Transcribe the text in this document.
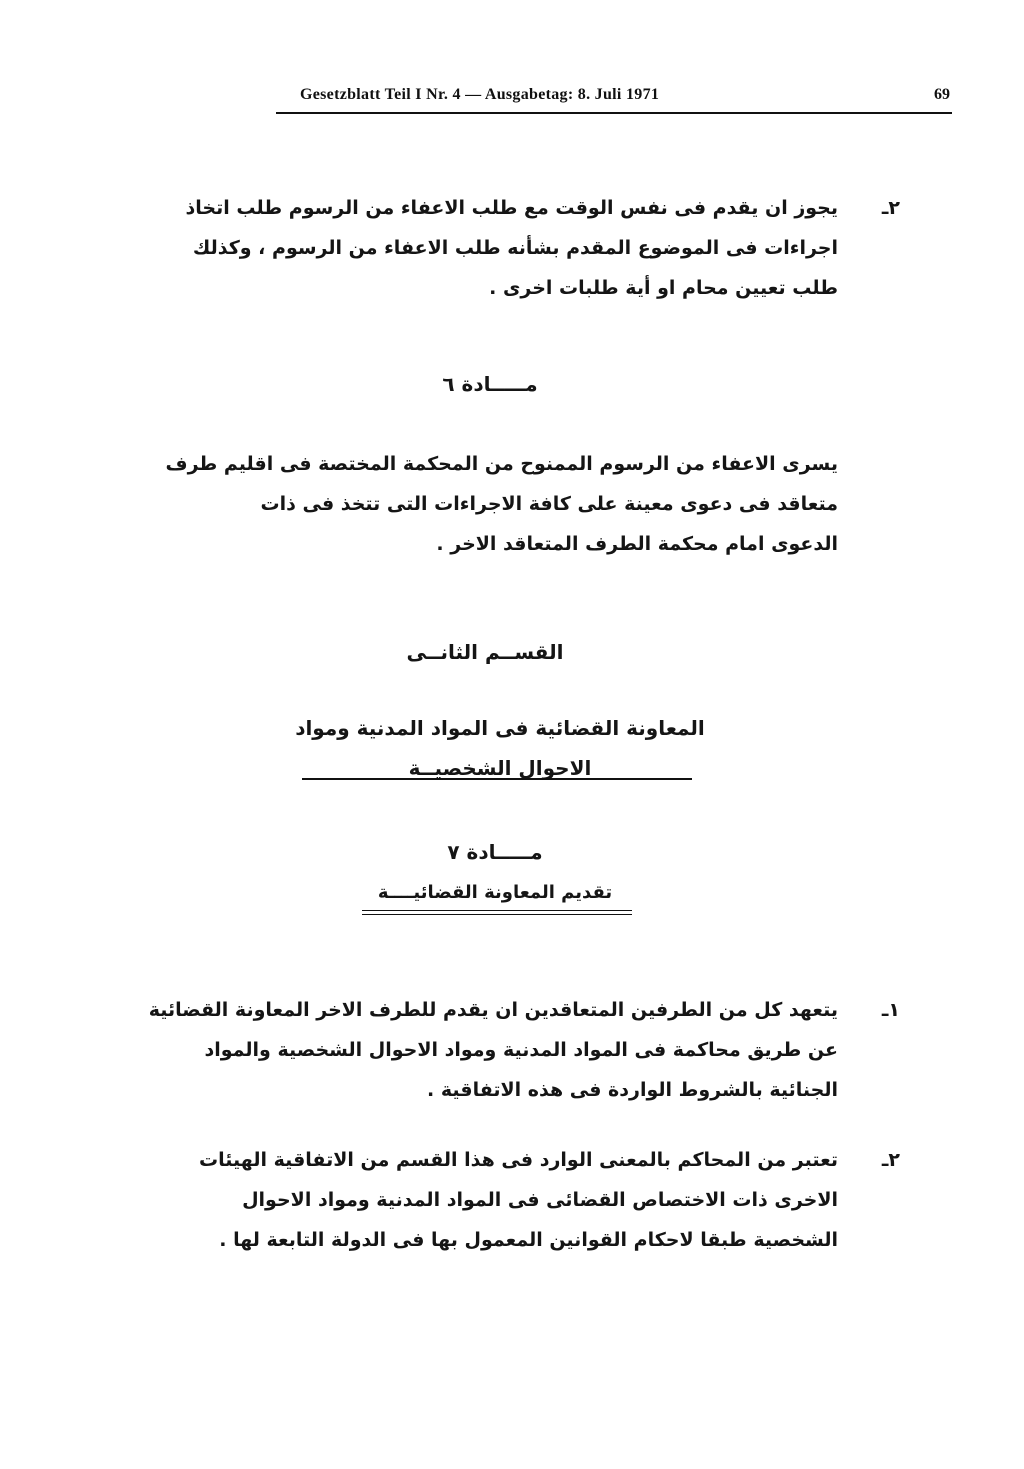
Gesetzblatt Teil I Nr. 4 — Ausgabetag: 8. Juli 1971	69
٢ـ
يجوز ان يقدم فى نفس الوقت مع طلب الاعفاء من الرسوم طلب اتخاذ
اجراءات فى الموضوع المقدم بشأنه طلب الاعفاء من الرسوم ، وكذلك
طلب تعيين محام او أية طلبات اخرى .
مـــــادة ٦
يسرى الاعفاء من الرسوم الممنوح من المحكمة المختصة فى اقليم طرف
متعاقد فى دعوى معينة على كافة الاجراءات التى تتخذ فى ذات
الدعوى امام محكمة الطرف المتعاقد الاخر .
القســم الثانــى
المعاونة القضائية فى المواد المدنية ومواد
الاحوال الشخصيــة
مـــــادة ٧
تقديم المعاونة القضائيــــة
١ـ
يتعهد كل من الطرفين المتعاقدين ان يقدم للطرف الاخر المعاونة القضائية
عن طريق محاكمة فى المواد المدنية ومواد الاحوال الشخصية والمواد
الجنائية بالشروط الواردة فى هذه الاتفاقية .
٢ـ
تعتبر من المحاكم بالمعنى الوارد فى هذا القسم من الاتفاقية الهيئات
الاخرى ذات الاختصاص القضائى فى المواد المدنية ومواد الاحوال
الشخصية طبقا لاحكام القوانين المعمول بها فى الدولة التابعة لها .
